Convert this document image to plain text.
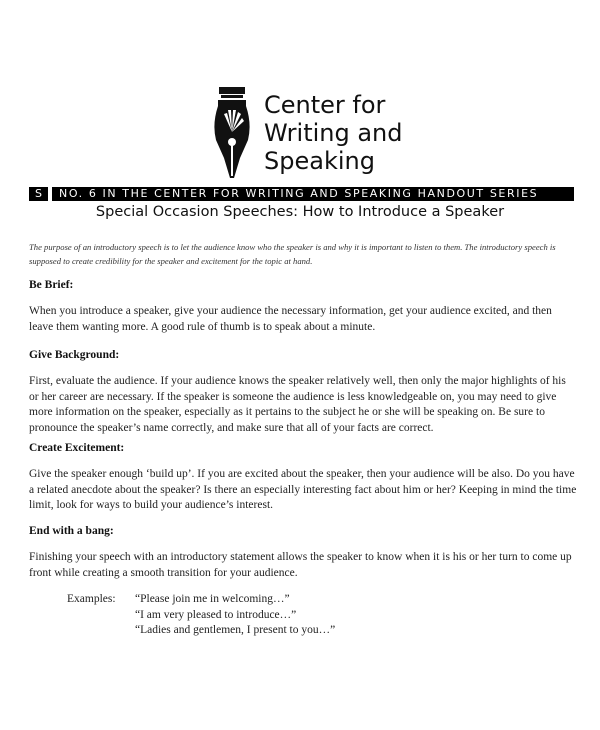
Center for
Writing and
Speaking
S NO. 6 IN THE CENTER FOR WRITING AND SPEAKING HANDOUT SERIES
Special Occasion Speeches: How to Introduce a Speaker
The purpose of an introductory speech is to let the audience know who the speaker is and why it is important to listen to them. The introductory speech is supposed to create credibility for the speaker and excitement for the topic at hand.
Be Brief:
When you introduce a speaker, give your audience the necessary information, get your audience excited, and then leave them wanting more. A good rule of thumb is to speak about a minute.
Give Background:
First, evaluate the audience. If your audience knows the speaker relatively well, then only the major highlights of his or her career are necessary. If the speaker is someone the audience is less knowledgeable on, you may need to give more information on the speaker, especially as it pertains to the subject he or she will be speaking on. Be sure to pronounce the speaker’s name correctly, and make sure that all of your facts are correct.
Create Excitement:
Give the speaker enough ‘build up’. If you are excited about the speaker, then your audience will be also. Do you have a related anecdote about the speaker? Is there an especially interesting fact about him or her? Keeping in mind the time limit, look for ways to build your audience’s interest.
End with a bang:
Finishing your speech with an introductory statement allows the speaker to know when it is his or her turn to come up front while creating a smooth transition for your audience.
Examples: “Please join me in welcoming…”
“I am very pleased to introduce…”
“Ladies and gentlemen, I present to you…”
